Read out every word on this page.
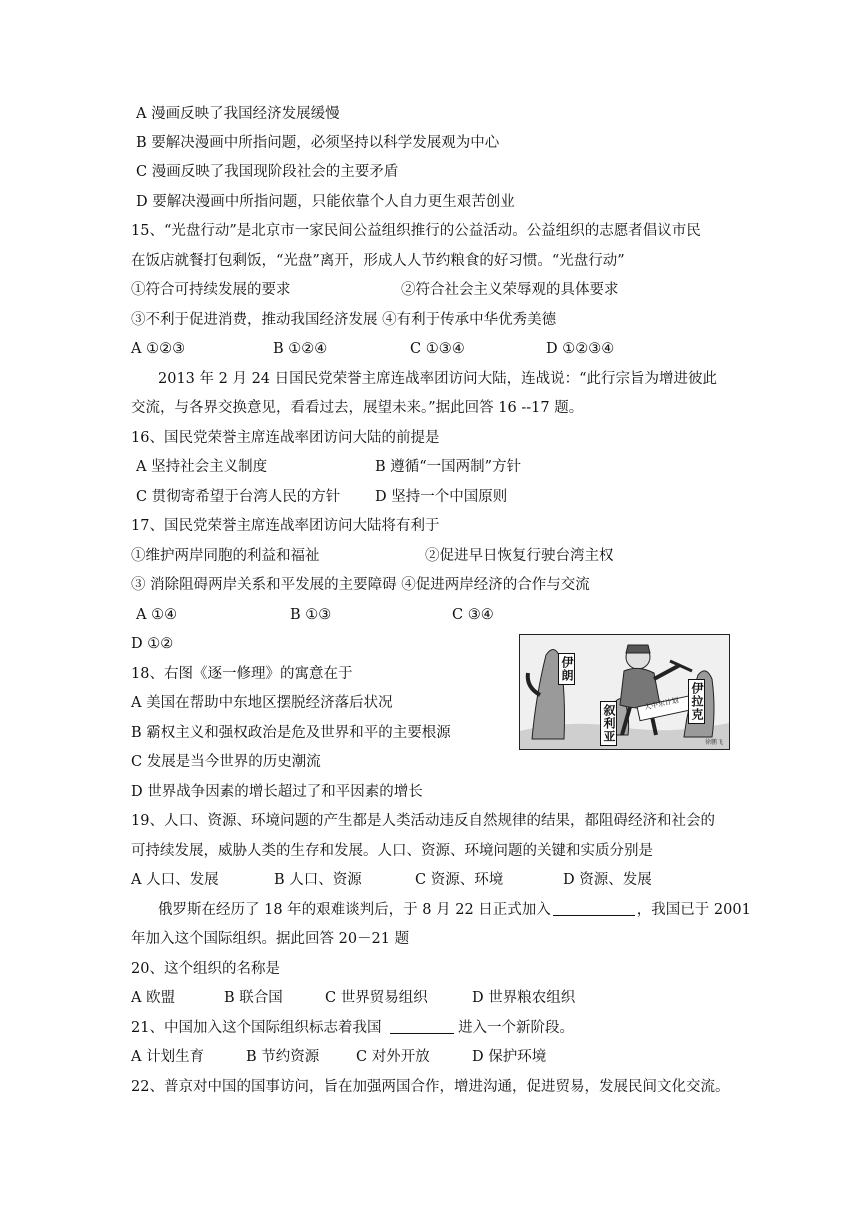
A 漫画反映了我国经济发展缓慢
B 要解决漫画中所指问题，必须坚持以科学发展观为中心
C 漫画反映了我国现阶段社会的主要矛盾
D 要解决漫画中所指问题，只能依靠个人自力更生艰苦创业
15、“光盘行动”是北京市一家民间公益组织推行的公益活动。公益组织的志愿者倡议市民
在饭店就餐打包剩饭，“光盘”离开，形成人人节约粮食的好习惯。“光盘行动”
①符合可持续发展的要求	②符合社会主义荣辱观的具体要求
③不利于促进消费，推动我国经济发展 ④有利于传承中华优秀美德
A ①②③	B ①②④	C ①③④	D ①②③④
2013 年 2 月 24 日国民党荣誉主席连战率团访问大陆，连战说：“此行宗旨为增进彼此
交流，与各界交换意见，看看过去，展望未来。”据此回答 16 --17 题。
16、国民党荣誉主席连战率团访问大陆的前提是
A 坚持社会主义制度	B 遵循“一国两制”方针
C 贯彻寄希望于台湾人民的方针 D 坚持一个中国原则
17、国民党荣誉主席连战率团访问大陆将有利于
①维护两岸同胞的利益和福祉	②促进早日恢复行驶台湾主权
③ 消除阻碍两岸关系和平发展的主要障碍 ④促进两岸经济的合作与交流
A ①④	B ①③	C ③④
D ①②
18、右图《逐一修理》的寓意在于
A 美国在帮助中东地区摆脱经济落后状况
B 霸权主义和强权政治是危及世界和平的主要根源
C 发展是当今世界的历史潮流
D 世界战争因素的增长超过了和平因素的增长
伊朗
伊拉克
叙利亚	大中东计划
徐鹏飞
19、人口、资源、环境问题的产生都是人类活动违反自然规律的结果，都阻碍经济和社会的
可持续发展，威胁人类的生存和发展。人口、资源、环境问题的关键和实质分别是
A 人口、发展	B 人口、资源	C 资源、环境	D 资源、发展
俄罗斯在经历了 18 年的艰难谈判后，于 8 月 22 日正式加入	，我国已于 2001
年加入这个国际组织。据此回答 20－21 题
20、这个组织的名称是
A 欧盟	B 联合国	C 世界贸易组织	D 世界粮农组织
21、中国加入这个国际组织标志着我国	进入一个新阶段。
A 计划生育	B 节约资源	C 对外开放	D 保护环境
22、普京对中国的国事访问，旨在加强两国合作，增进沟通，促进贸易，发展民间文化交流。
